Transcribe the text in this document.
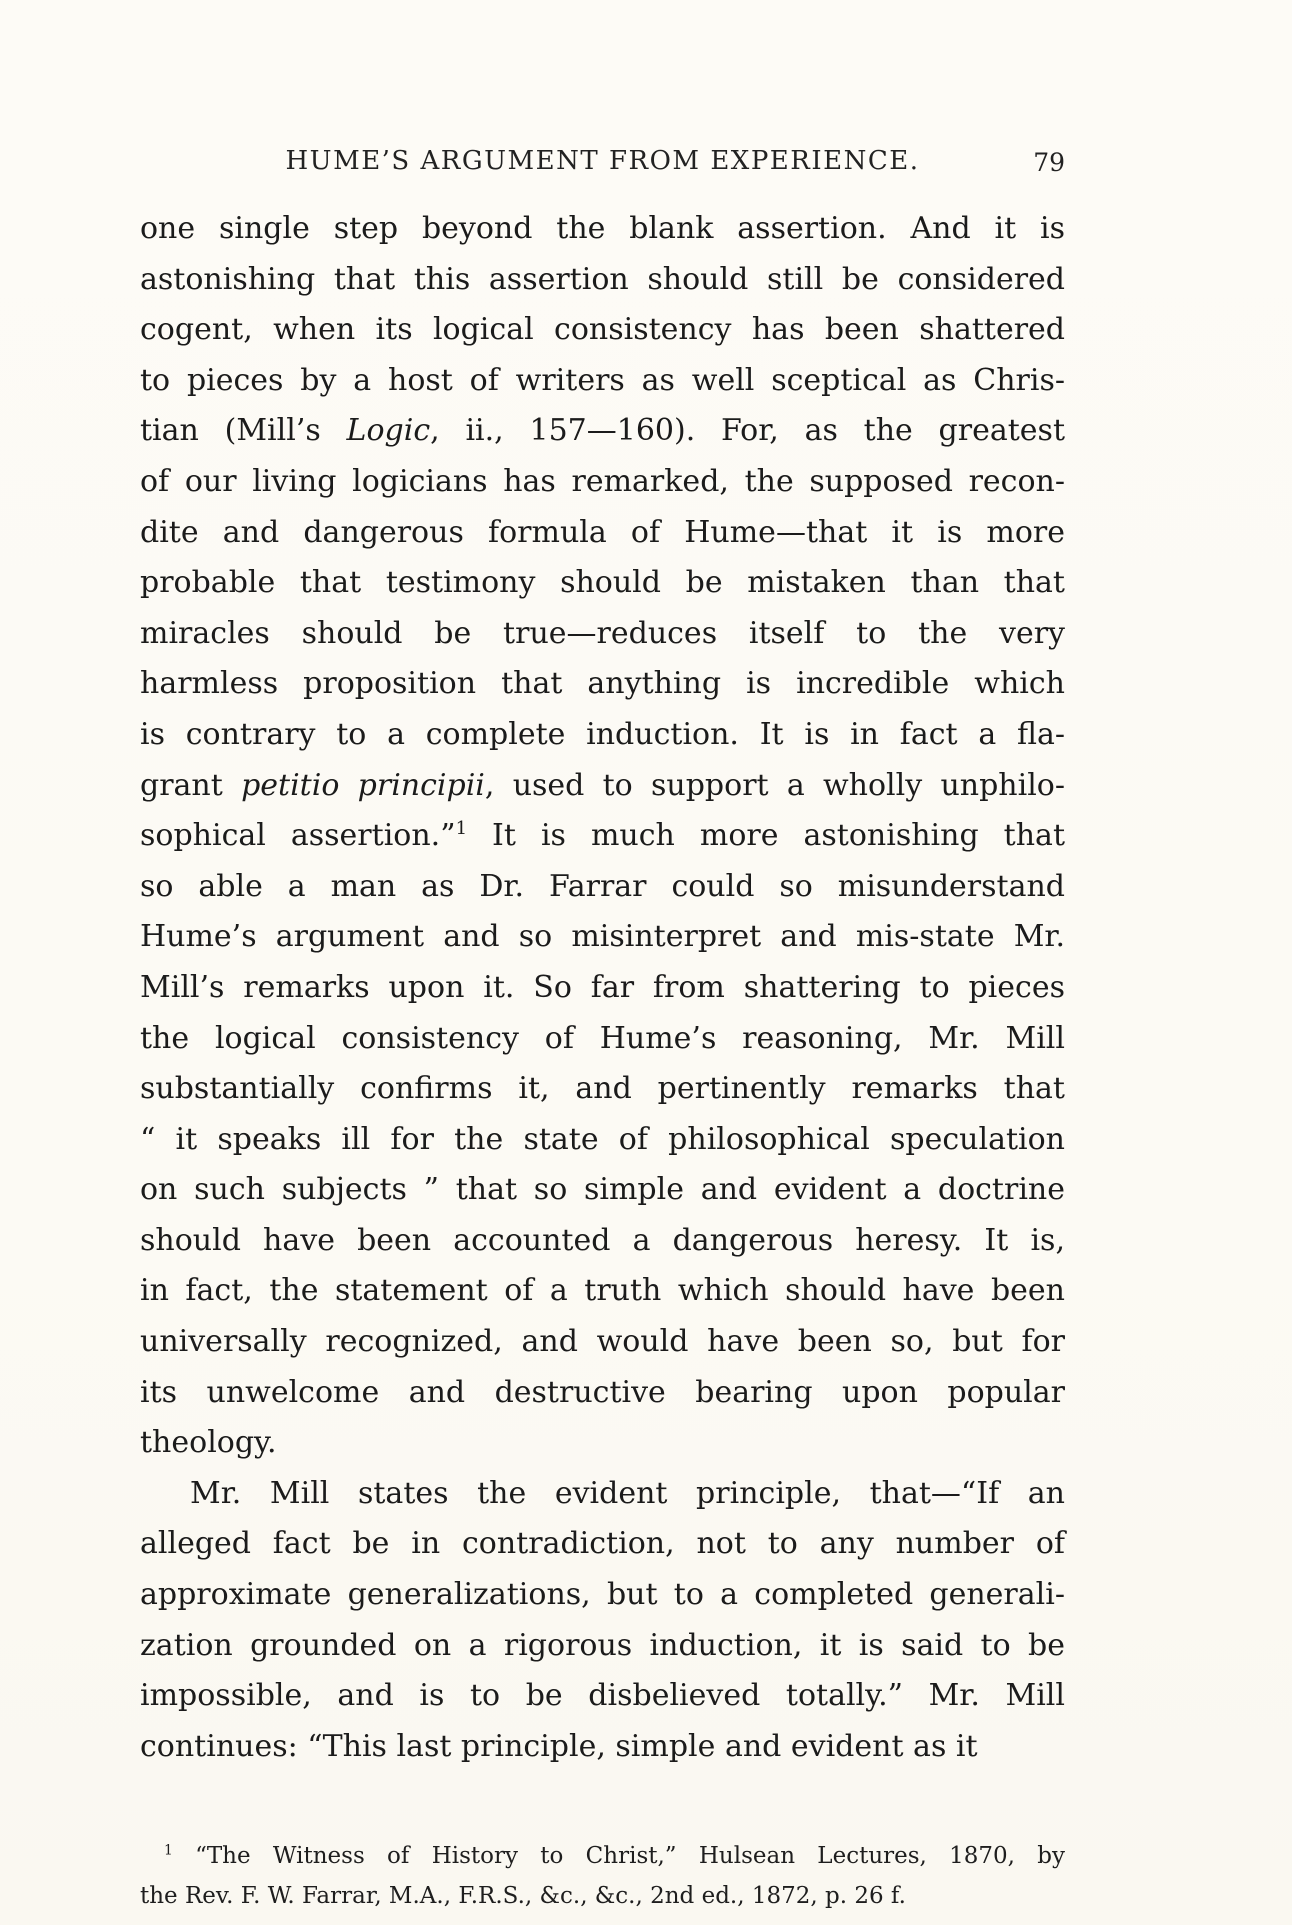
HUME’S ARGUMENT FROM EXPERIENCE.	79
one single step beyond the blank assertion. And it is
astonishing that this assertion should still be considered
cogent, when its logical consistency has been shattered
to pieces by a host of writers as well sceptical as Chris-
tian (Mill’s Logic, ii., 157—160). For, as the greatest
of our living logicians has remarked, the supposed recon-
dite and dangerous formula of Hume—that it is more
probable that testimony should be mistaken than that
miracles should be true—reduces itself to the very
harmless proposition that anything is incredible which
is contrary to a complete induction. It is in fact a fla-
grant petitio principii, used to support a wholly unphilo-
sophical assertion.”$^1$ It is much more astonishing that
so able a man as Dr. Farrar could so misunderstand
Hume’s argument and so misinterpret and mis-state Mr.
Mill’s remarks upon it. So far from shattering to pieces
the logical consistency of Hume’s reasoning, Mr. Mill
substantially confirms it, and pertinently remarks that
“ it speaks ill for the state of philosophical speculation
on such subjects ” that so simple and evident a doctrine
should have been accounted a dangerous heresy. It is,
in fact, the statement of a truth which should have been
universally recognized, and would have been so, but for
its unwelcome and destructive bearing upon popular
theology.
Mr. Mill states the evident principle, that—“If an
alleged fact be in contradiction, not to any number of
approximate generalizations, but to a completed generali-
zation grounded on a rigorous induction, it is said to be
impossible, and is to be disbelieved totally.” Mr. Mill
continues: “This last principle, simple and evident as it
$^1$ “The Witness of History to Christ,” Hulsean Lectures, 1870, by
the Rev. F. W. Farrar, M.A., F.R.S., &c., &c., 2nd ed., 1872, p. 26 f.
